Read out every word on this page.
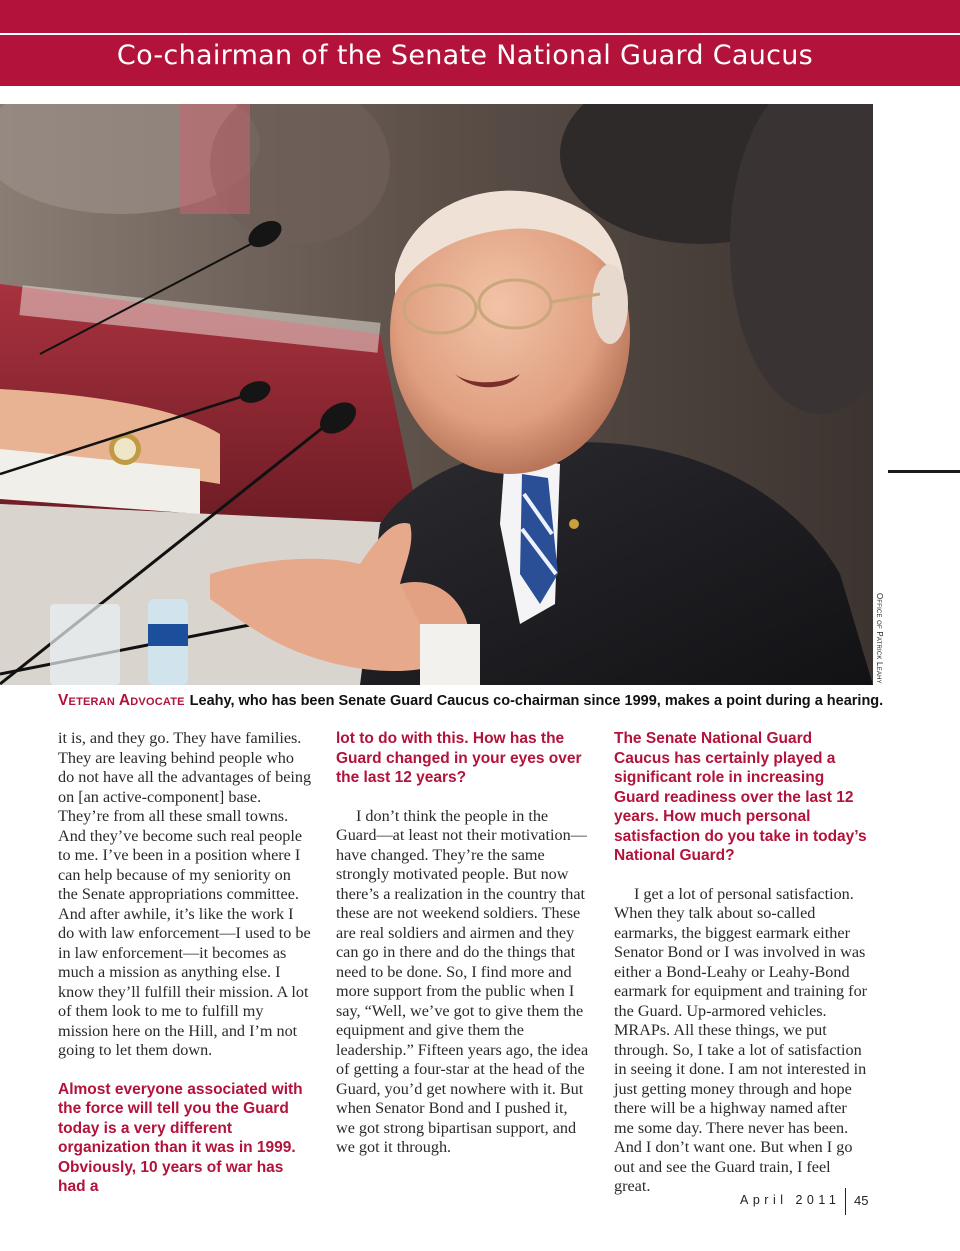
Co-chairman of the Senate National Guard Caucus
Office of Patrick Leahy
Veteran Advocate Leahy, who has been Senate Guard Caucus co-chairman since 1999, makes a point during a hearing.

it is, and they go. They have families. They are leaving behind people who do not have all the advantages of being on [an active-component] base. They’re from all these small towns. And they’ve become such real people to me. I’ve been in a position where I can help because of my seniority on the Senate appropriations committee. And after awhile, it’s like the work I do with law enforcement—I used to be in law enforcement—it becomes as much a mission as anything else. I know they’ll fulfill their mission. A lot of them look to me to fulfill my mission here on the Hill, and I’m not going to let them down.

Almost everyone associated with the force will tell you the Guard today is a very different organization than it was in 1999. Obviously, 10 years of war has had a

lot to do with this. How has the Guard changed in your eyes over the last 12 years?

I don’t think the people in the Guard—at least not their motivation—have changed. They’re the same strongly motivated people. But now there’s a realization in the country that these are not weekend soldiers. These are real soldiers and airmen and they can go in there and do the things that need to be done. So, I find more and more support from the public when I say, “Well, we’ve got to give them the equipment and give them the leadership.” Fifteen years ago, the idea of getting a four-star at the head of the Guard, you’d get nowhere with it. But when Senator Bond and I pushed it, we got strong bipartisan support, and we got it through.

The Senate National Guard Caucus has certainly played a significant role in increasing Guard readiness over the last 12 years. How much personal satisfaction do you take in today’s National Guard?

I get a lot of personal satisfaction. When they talk about so-called earmarks, the biggest earmark either Senator Bond or I was involved in was either a Bond-Leahy or Leahy-Bond earmark for equipment and training for the Guard. Up-armored vehicles. MRAPs. All these things, we put through. So, I take a lot of satisfaction in seeing it done. I am not interested in just getting money through and hope there will be a highway named after me some day. There never has been. And I don’t want one. But when I go out and see the Guard train, I feel great.

April 2011 45
